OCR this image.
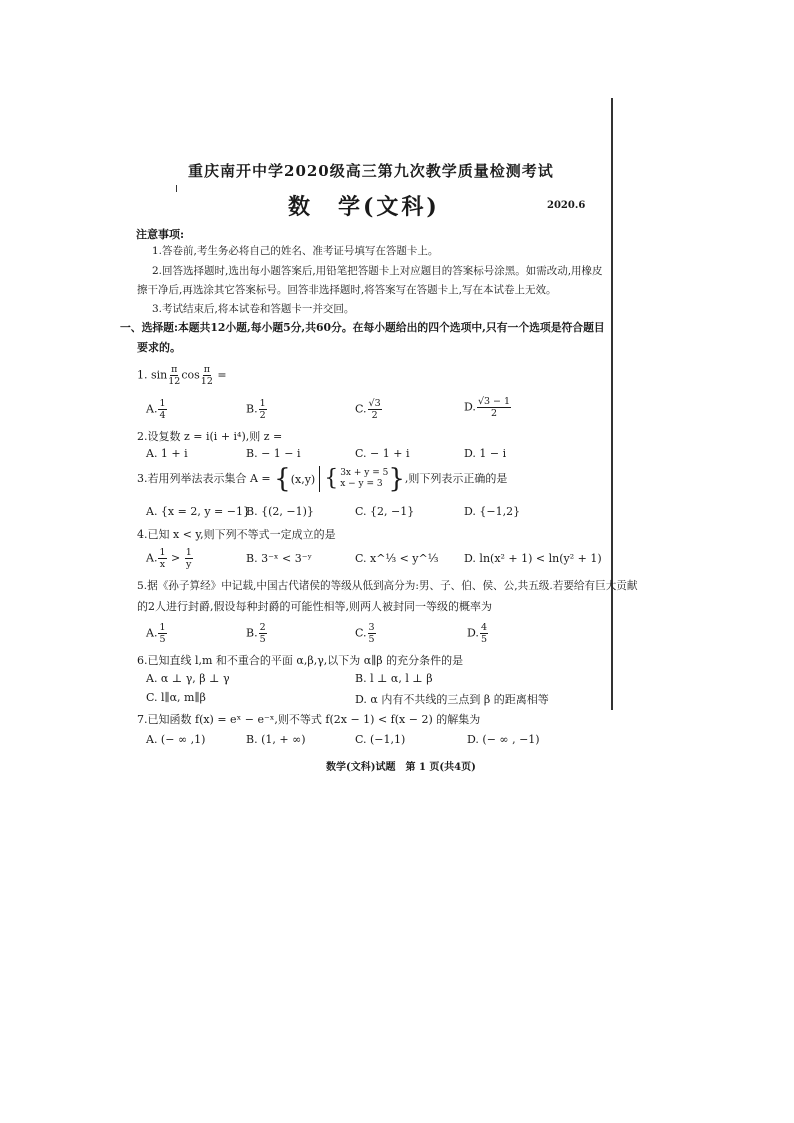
重庆南开中学2020级高三第九次教学质量检测考试
数　学(文科)	2020.6
注意事项:
1.答卷前,考生务必将自己的姓名、准考证号填写在答题卡上。
2.回答选择题时,选出每小题答案后,用铅笔把答题卡上对应题目的答案标号涂黑。如需改动,用橡皮
擦干净后,再选涂其它答案标号。回答非选择题时,将答案写在答题卡上,写在本试卷上无效。
3.考试结束后,将本试卷和答题卡一并交回。
一、选择题:本题共12小题,每小题5分,共60分。在每小题给出的四个选项中,只有一个选项是符合题目
要求的。
1. $\sin \frac{\pi}{12}$ $\cos \frac{\pi}{12}$ =
A. $\frac{1}{4}$	B. $\frac{1}{2}$	C. $\frac{√3}{2}$	D. $\frac{√3 - 1}{2}$
2.设复数 z = i(i + i⁴),则 z =
A. 1 + i	B. − 1 − i	C. − 1 + i	D. 1 − i
3.若用列举法表示集合 A = { (x,y) { 3x + y = 5
x − y = 3 } ,则下列表示正确的是
A. {x = 2, y = −1}
B. {(2, −1)}	C. {2, −1}	D. {−1,2}
4.已知 x < y,则下列不等式一定成立的是
A. $\frac{1}{x} > \frac{1}{y}$	B. 3⁻ˣ < 3⁻ʸ	C. x^⅓ < y^⅓ D. ln(x² + 1) < ln(y² + 1)
5.据《孙子算经》中记载,中国古代诸侯的等级从低到高分为:男、子、伯、侯、公,共五级.若要给有巨大贡献
的2人进行封爵,假设每种封爵的可能性相等,则两人被封同一等级的概率为
A. $\frac{1}{5}$	B. $\frac{2}{5}$	C. $\frac{3}{5}$	D. $\frac{4}{5}$
6.已知直线 l,m 和不重合的平面 α,β,γ,以下为 α∥β 的充分条件的是
A. α ⊥ γ, β ⊥ γ	B. l ⊥ α, l ⊥ β
C. l∥α, m∥β	D. α 内有不共线的三点到 β 的距离相等
7.已知函数 f(x) = eˣ − e⁻ˣ,则不等式 f(2x − 1) < f(x − 2) 的解集为
A. (− ∞ ,1)	B. (1, + ∞)	C. (−1,1)	D. (− ∞ , −1)
数学(文科)试题　第 1 页(共4页)
